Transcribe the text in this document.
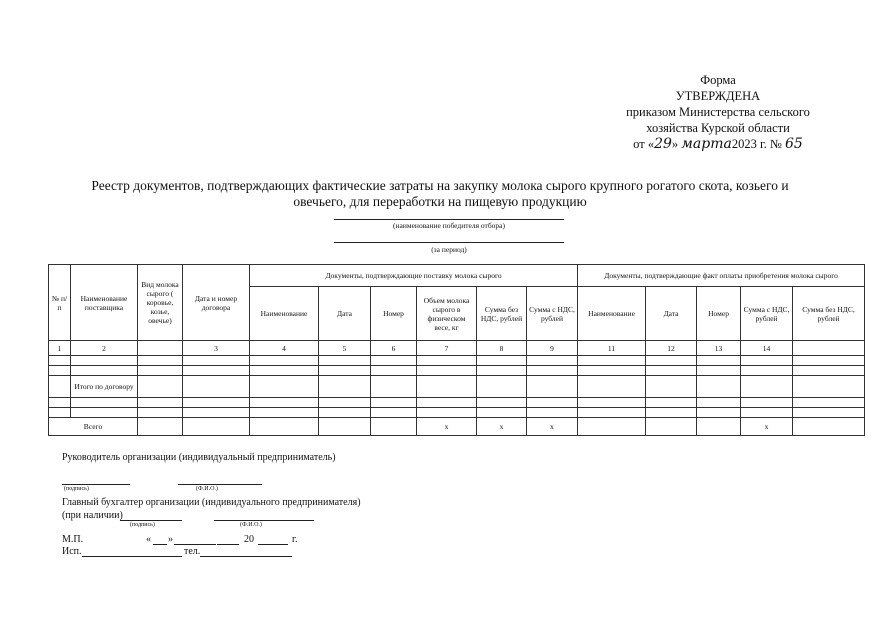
Форма
УТВЕРЖДЕНА
приказом Министерства сельского
хозяйства Курской области
от «29» марта2023 г. № 65
Реестр документов, подтверждающих фактические затраты на закупку молока сырого крупного рогатого скота, козьего и овечьего, для переработки на пищевую продукцию
(наименование победителя отбора)
(за период)
№ п/п	Наименование поставщика	Вид молока сырого ( коровье, козье, овечье)	Дата и номер договора	Документы, подтверждающие поставку молока сырого						Документы, подтверждающие факт оплаты приобретения молока сырого				
				Наименование	Дата	Номер	Объем молока сырого в физическом весе, кг	Сумма без НДС, рублей	Сумма с НДС, рублей	Наименование	Дата	Номер	Сумма с НДС, рублей	Сумма без НДС, рублей
1	2		3	4	5	6	7	8	9	11	12	13	14	

	Итого по договору													

Всего							х	х	х				х	
Руководитель организации (индивидуальный предприниматель)
(подпись)	(Ф.И.О.)
Главный бухгалтер организации (индивидуального предпринимателя)
(при наличии)
(подпись)	(Ф.И.О.)
М.П.	« »	20	г.
Исп.	тел.
